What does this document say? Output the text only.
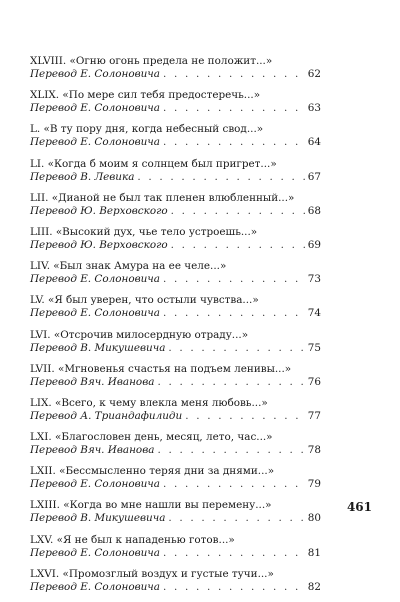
XLVIII. «Огню огонь предела не положит...»
Перевод Е. Солоновича . . .	62
XLIX. «По мере сил тебя предостеречь...»
Перевод Е. Солоновича . . .	63
L. «В ту пору дня, когда небесный свод...»
Перевод Е. Солоновича . . .	64
LI. «Когда б моим я солнцем был пригрет...»
Перевод В. Левика . . .	67
LII. «Дианой не был так пленен влюбленный...»
Перевод Ю. Верховского . . .	68
LIII. «Высокий дух, чье тело устроешь...»
Перевод Ю. Верховского . . .	69
LIV. «Был знак Амура на ее челе...»
Перевод Е. Солоновича . . .	73
LV. «Я был уверен, что остыли чувства...»
Перевод Е. Солоновича . . .	74
LVI. «Отсрочив милосердную отраду...»
Перевод В. Микушевича . . .	75
LVII. «Мгновенья счастья на подъем ленивы...»
Перевод Вяч. Иванова . . .	76
LIX. «Всего, к чему влекла меня любовь...»
Перевод А. Триандафилиди . . .	77
LXI. «Благословен день, месяц, лето, час...»
Перевод Вяч. Иванова . . .	78
LXII. «Бессмысленно теряя дни за днями...»
Перевод Е. Солоновича . . .	79
LXIII. «Когда во мне нашли вы перемену...»
Перевод В. Микушевича . . .	80
LXV. «Я не был к нападенью готов...»
Перевод Е. Солоновича . . .	81
LXVI. «Промозглый воздух и густые тучи...»
Перевод Е. Солоновича . . .	82
461
